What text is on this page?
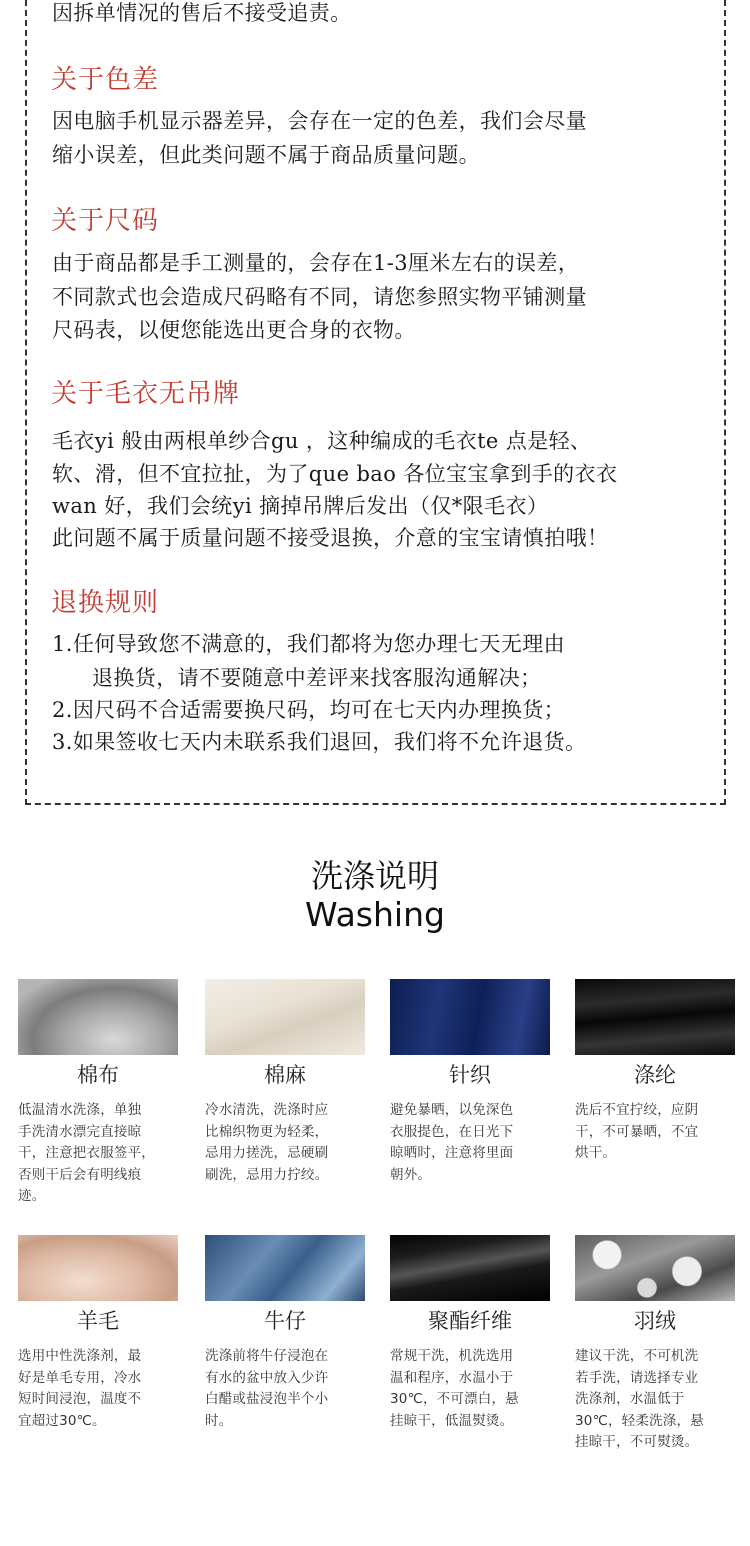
因拆单情况的售后不接受追责。
关于色差
因电脑手机显示器差异，会存在一定的色差，我们会尽量
缩小误差，但此类问题不属于商品质量问题。
关于尺码
由于商品都是手工测量的，会存在1-3厘米左右的误差，
不同款式也会造成尺码略有不同，请您参照实物平铺测量
尺码表，以便您能选出更合身的衣物。
关于毛衣无吊牌
毛衣yi 般由两根单纱合gu ，这种编成的毛衣te 点是轻、
软、滑，但不宜拉扯，为了que bao 各位宝宝拿到手的衣衣
wan 好，我们会统yi 摘掉吊牌后发出（仅*限毛衣）
此问题不属于质量问题不接受退换，介意的宝宝请慎拍哦！
退换规则
1.任何导致您不满意的，我们都将为您办理七天无理由
退换货，请不要随意中差评来找客服沟通解决；
2.因尺码不合适需要换尺码，均可在七天内办理换货；
3.如果签收七天内未联系我们退回，我们将不允许退货。
洗涤说明
Washing
棉布
低温清水洗涤，单独
手洗清水漂完直接晾
干，注意把衣服签平，
否则干后会有明线痕
迹。
棉麻
冷水清洗，洗涤时应
比棉织物更为轻柔，
忌用力搓洗，忌硬刷
刷洗，忌用力拧绞。
针织
避免暴晒，以免深色
衣服提色，在日光下
晾晒时，注意将里面
朝外。
涤纶
洗后不宜拧绞，应阴
干，不可暴晒，不宜
烘干。
羊毛
选用中性洗涤剂，最
好是单毛专用，冷水
短时间浸泡，温度不
宜超过30℃。
牛仔
洗涤前将牛仔浸泡在
有水的盆中放入少许
白醋或盐浸泡半个小
时。
聚酯纤维
常规干洗，机洗选用
温和程序，水温小于
30℃，不可漂白，悬
挂晾干，低温熨烫。
羽绒
建议干洗，不可机洗
若手洗，请选择专业
洗涤剂，水温低于
30℃，轻柔洗涤，悬
挂晾干，不可熨烫。
